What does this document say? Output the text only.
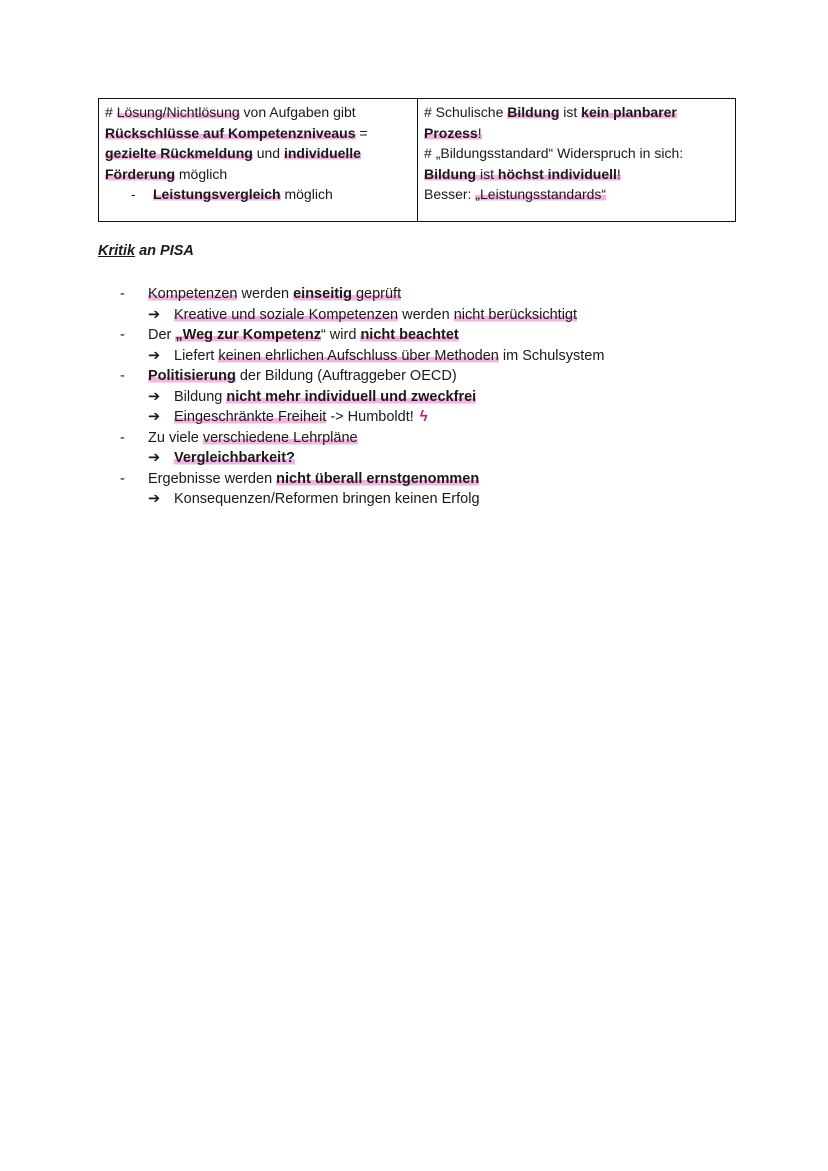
# Lösung/Nichtlösung von Aufgaben gibt
Rückschlüsse auf Kompetenzniveaus =
gezielte Rückmeldung und individuelle
Förderung möglich
- Leistungsvergleich möglich
# Schulische Bildung ist kein planbarer
Prozess!
# „Bildungsstandard“ Widerspruch in sich:
Bildung ist höchst individuell!
Besser: „Leistungsstandards“
Kritik an PISA
-	Kompetenzen werden einseitig geprüft
➔ Kreative und soziale Kompetenzen werden nicht berücksichtigt
-	Der „Weg zur Kompetenz“ wird nicht beachtet
➔ Liefert keinen ehrlichen Aufschluss über Methoden im Schulsystem
-	Politisierung der Bildung (Auftraggeber OECD)
➔ Bildung nicht mehr individuell und zweckfrei
➔ Eingeschränkte Freiheit -> Humboldt! ϟ
-	Zu viele verschiedene Lehrpläne
➔ Vergleichbarkeit?
-	Ergebnisse werden nicht überall ernstgenommen
➔ Konsequenzen/Reformen bringen keinen Erfolg
